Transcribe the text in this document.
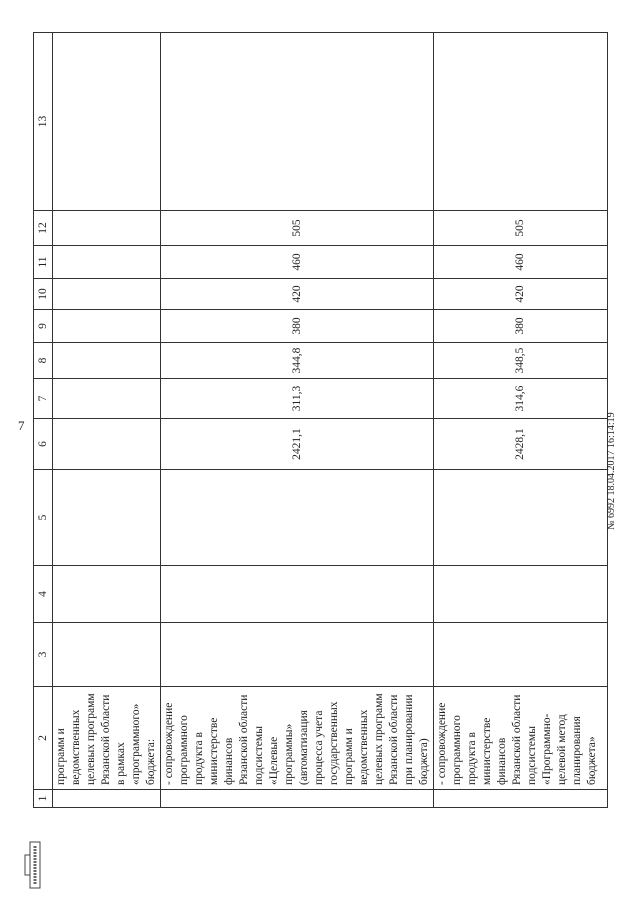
7
1	2	3	4	5	6	7	8	9	10	11	12	13
	программ и ведомственных целевых программ Рязанской области в рамках «программного» бюджета:											
	- сопровождение программного продукта в министерстве финансов Рязанской области подсистемы «Целевые программы» (автоматизация процесса учета государственных программ и ведомственных целевых программ Рязанской области при планировании бюджета)				2421,1	311,3	344,8	380	420	460	505	
	- сопровождение программного продукта в министерстве финансов Рязанской области подсистемы «Программно-целевой метод планирования бюджета»				2428,1	314,6	348,5	380	420	460	505	
№ 6992 18.04.2017 16:14:19
